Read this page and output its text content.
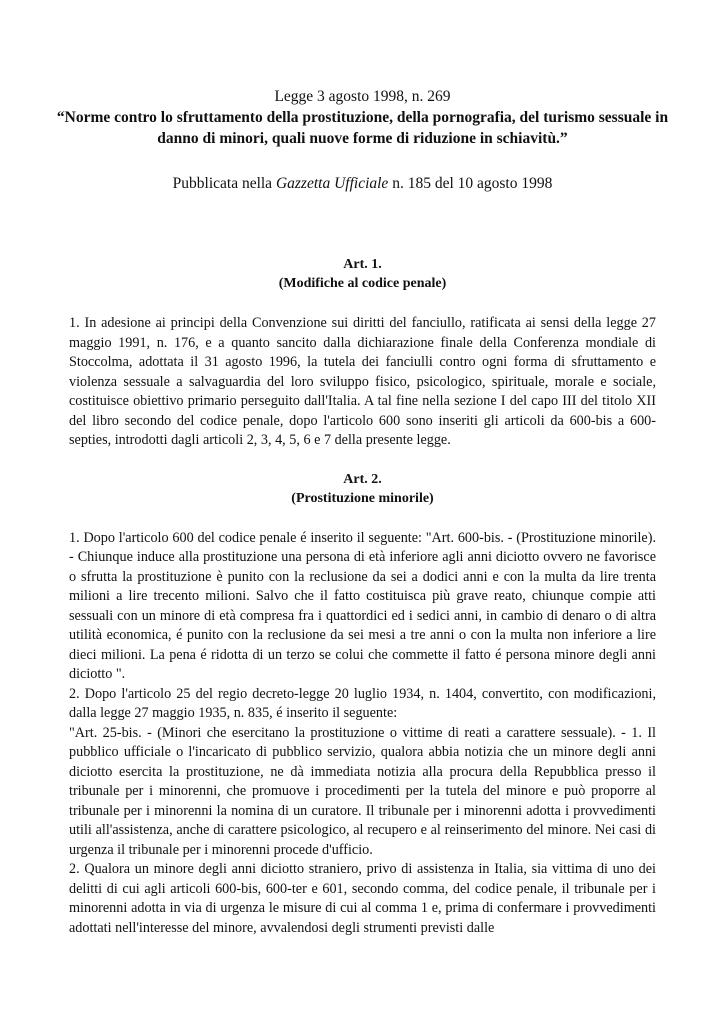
Legge 3 agosto 1998, n. 269
“Norme contro lo sfruttamento della prostituzione, della pornografia, del turismo sessuale in danno di minori, quali nuove forme di riduzione in schiavitù.”
Pubblicata nella Gazzetta Ufficiale n. 185 del 10 agosto 1998
Art. 1.
(Modifiche al codice penale)

1. In adesione ai principi della Convenzione sui diritti del fanciullo, ratificata ai sensi della legge 27 maggio 1991, n. 176, e a quanto sancito dalla dichiarazione finale della Conferenza mondiale di Stoccolma, adottata il 31 agosto 1996, la tutela dei fanciulli contro ogni forma di sfruttamento e violenza sessuale a salvaguardia del loro sviluppo fisico, psicologico, spirituale, morale e sociale, costituisce obiettivo primario perseguito dall'Italia. A tal fine nella sezione I del capo III del titolo XII del libro secondo del codice penale, dopo l'articolo 600 sono inseriti gli articoli da 600-bis a 600-septies, introdotti dagli articoli 2, 3, 4, 5, 6 e 7 della presente legge.

Art. 2.
(Prostituzione minorile)

1. Dopo l'articolo 600 del codice penale é inserito il seguente: "Art. 600-bis. - (Prostituzione minorile). - Chiunque induce alla prostituzione una persona di età inferiore agli anni diciotto ovvero ne favorisce o sfrutta la prostituzione è punito con la reclusione da sei a dodici anni e con la multa da lire trenta milioni a lire trecento milioni. Salvo che il fatto costituisca più grave reato, chiunque compie atti sessuali con un minore di età compresa fra i quattordici ed i sedici anni, in cambio di denaro o di altra utilità economica, é punito con la reclusione da sei mesi a tre anni o con la multa non inferiore a lire dieci milioni. La pena é ridotta di un terzo se colui che commette il fatto é persona minore degli anni diciotto ".

2. Dopo l'articolo 25 del regio decreto-legge 20 luglio 1934, n. 1404, convertito, con modificazioni, dalla legge 27 maggio 1935, n. 835, é inserito il seguente:

"Art. 25-bis. - (Minori che esercitano la prostituzione o vittime di reati a carattere sessuale). - 1. Il pubblico ufficiale o l'incaricato di pubblico servizio, qualora abbia notizia che un minore degli anni diciotto esercita la prostituzione, ne dà immediata notizia alla procura della Repubblica presso il tribunale per i minorenni, che promuove i procedimenti per la tutela del minore e può proporre al tribunale per i minorenni la nomina di un curatore. Il tribunale per i minorenni adotta i provvedimenti utili all'assistenza, anche di carattere psicologico, al recupero e al reinserimento del minore. Nei casi di urgenza il tribunale per i minorenni procede d'ufficio.

2. Qualora un minore degli anni diciotto straniero, privo di assistenza in Italia, sia vittima di uno dei delitti di cui agli articoli 600-bis, 600-ter e 601, secondo comma, del codice penale, il tribunale per i minorenni adotta in via di urgenza le misure di cui al comma 1 e, prima di confermare i provvedimenti adottati nell'interesse del minore, avvalendosi degli strumenti previsti dalle
